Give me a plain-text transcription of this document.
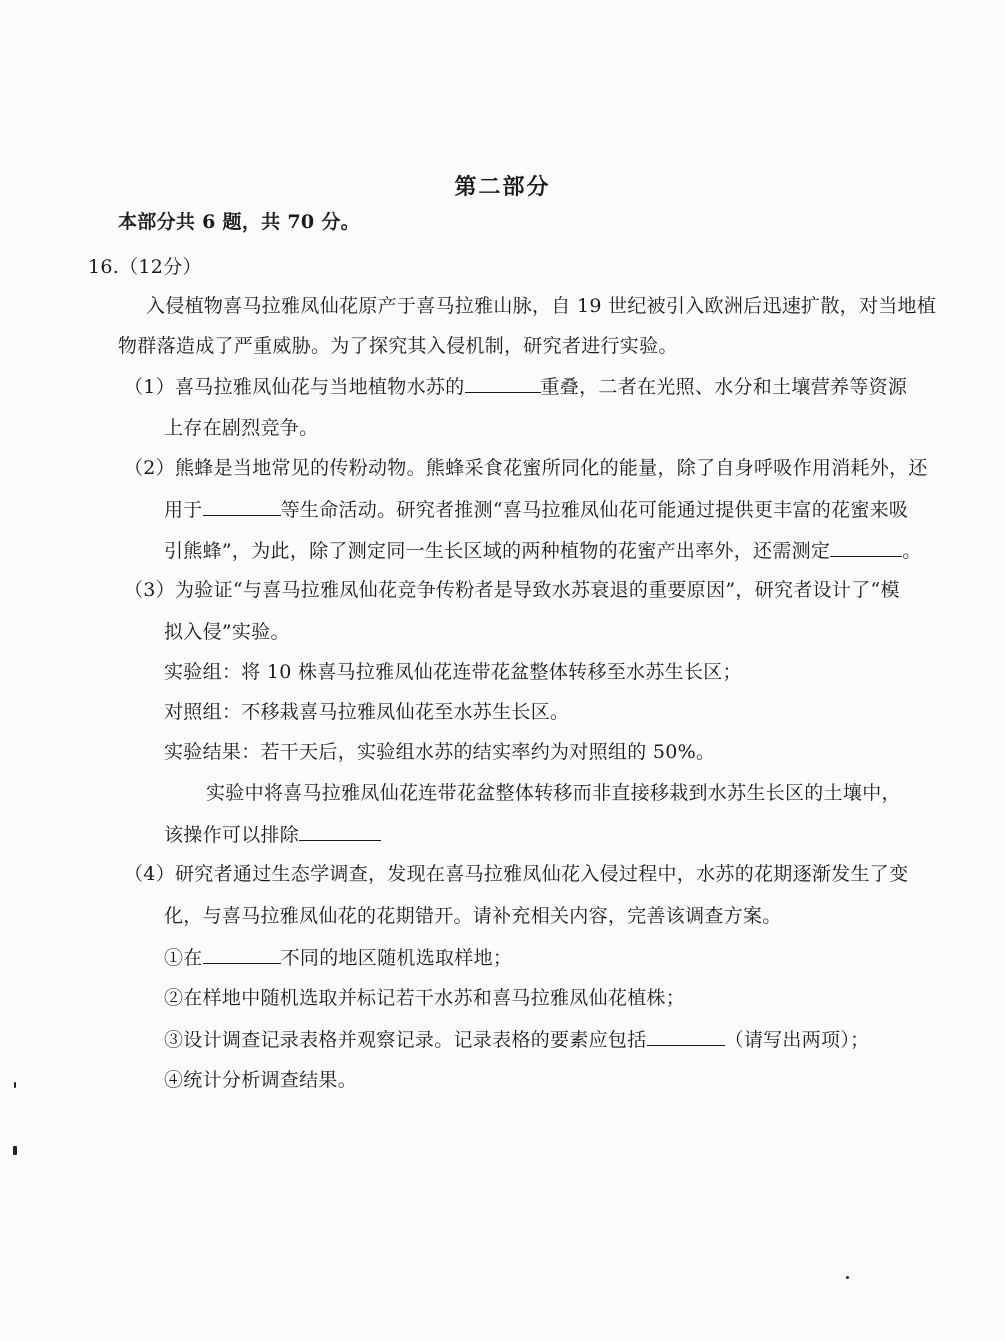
第二部分
本部分共 6 题，共 70 分。
16.（12分）
入侵植物喜马拉雅凤仙花原产于喜马拉雅山脉，自 19 世纪被引入欧洲后迅速扩散，对当地植
物群落造成了严重威胁。为了探究其入侵机制，研究者进行实验。
（1）喜马拉雅凤仙花与当地植物水苏的	重叠，二者在光照、水分和土壤营养等资源
上存在剧烈竞争。
（2）熊蜂是当地常见的传粉动物。熊蜂采食花蜜所同化的能量，除了自身呼吸作用消耗外，还
用于	等生命活动。研究者推测“喜马拉雅凤仙花可能通过提供更丰富的花蜜来吸
引熊蜂”，为此，除了测定同一生长区域的两种植物的花蜜产出率外，还需测定	。
（3）为验证“与喜马拉雅凤仙花竞争传粉者是导致水苏衰退的重要原因”，研究者设计了“模
拟入侵”实验。
实验组：将 10 株喜马拉雅凤仙花连带花盆整体转移至水苏生长区；
对照组：不移栽喜马拉雅凤仙花至水苏生长区。
实验结果：若干天后，实验组水苏的结实率约为对照组的 50%。
实验中将喜马拉雅凤仙花连带花盆整体转移而非直接移栽到水苏生长区的土壤中，
该操作可以排除
（4）研究者通过生态学调查，发现在喜马拉雅凤仙花入侵过程中，水苏的花期逐渐发生了变
化，与喜马拉雅凤仙花的花期错开。请补充相关内容，完善该调查方案。
①在	不同的地区随机选取样地；
②在样地中随机选取并标记若干水苏和喜马拉雅凤仙花植株；
③设计调查记录表格并观察记录。记录表格的要素应包括	（请写出两项）；
④统计分析调查结果。
